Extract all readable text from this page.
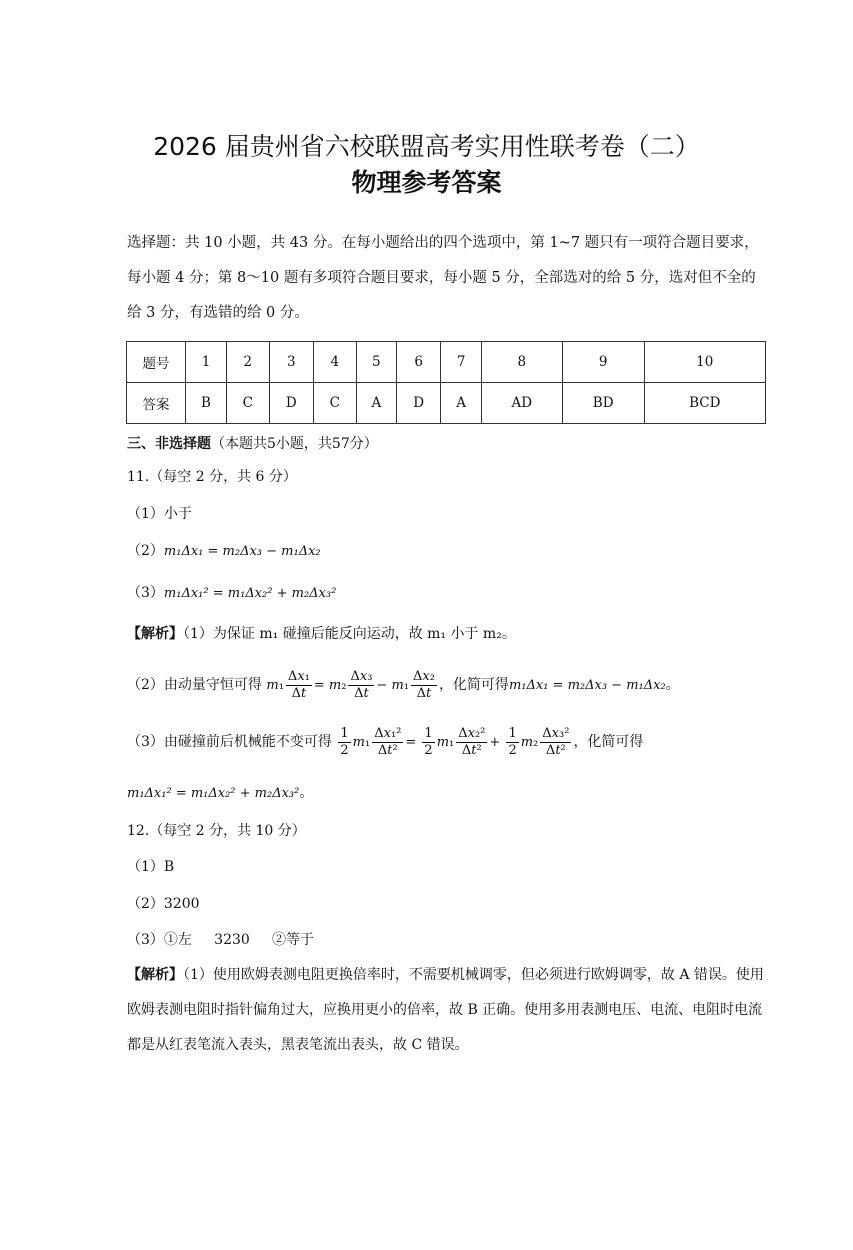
2026 届贵州省六校联盟高考实用性联考卷（二）
物理参考答案
选择题：共 10 小题，共 43 分。在每小题给出的四个选项中，第 1~7 题只有一项符合题目要求，每小题 4 分；第 8～10 题有多项符合题目要求，每小题 5 分，全部选对的给 5 分，选对但不全的给 3 分，有选错的给 0 分。
题号	1	2	3	4	5	6	7	8	9	10
答案	B	C	D	C	A	D	A	AD	BD	BCD
三、非选择题（本题共5小题，共57分）
11.（每空 2 分，共 6 分）
（1）小于
（2）m₁Δx₁ = m₂Δx₃ − m₁Δx₂
（3）m₁Δx₁² = m₁Δx₂² + m₂Δx₃²
【解析】（1）为保证 m₁ 碰撞后能反向运动，故 m₁ 小于 m₂。
（2）由动量守恒可得 $m_1 \frac{\text{Δx₁}}{\Delta t} = m_2 \frac{\text{Δx₃}}{\Delta t} - m_1 \frac{\text{Δx₂}}{\Delta t}$ ，化简可得m₁Δx₁ = m₂Δx₃ − m₁Δx₂。
（3）由碰撞前后机械能不变可得 $\frac{1}{2} m_1 \frac{\text{Δx₁²}}{\text{Δt²}} = \frac{1}{2} m_1 \frac{\text{Δx₂²}}{\text{Δt²}} + \frac{1}{2} m_2 \frac{\text{Δx₃²}}{\text{Δt²}}$ ，化简可得
m₁Δx₁² = m₁Δx₂² + m₂Δx₃²。
12.（每空 2 分，共 10 分）
（1）B
（2）3200
（3）①左     3230     ②等于
【解析】（1）使用欧姆表测电阻更换倍率时，不需要机械调零，但必须进行欧姆调零，故 A 错误。使用欧姆表测电阻时指针偏角过大，应换用更小的倍率，故 B 正确。使用多用表测电压、电流、电阻时电流都是从红表笔流入表头，黑表笔流出表头，故 C 错误。
